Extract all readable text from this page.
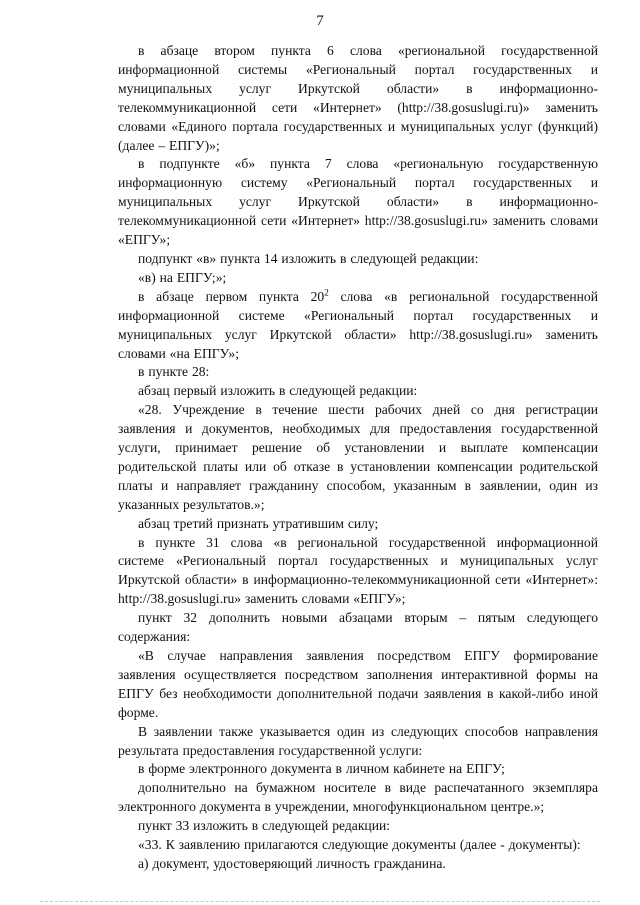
7

в абзаце втором пункта 6 слова «региональной государственной информационной системы «Региональный портал государственных и муниципальных услуг Иркутской области» в информационно-телекоммуникационной сети «Интернет» (http://38.gosuslugi.ru)» заменить словами «Единого портала государственных и муниципальных услуг (функций) (далее – ЕПГУ)»;

в подпункте «б» пункта 7 слова «региональную государственную информационную систему «Региональный портал государственных и муниципальных услуг Иркутской области» в информационно-телекоммуникационной сети «Интернет» http://38.gosuslugi.ru» заменить словами «ЕПГУ»;

подпункт «в» пункта 14 изложить в следующей редакции:

«в) на ЕПГУ;»;

в абзаце первом пункта $20^2$ слова «в региональной государственной информационной системе «Региональный портал государственных и муниципальных услуг Иркутской области» http://38.gosuslugi.ru» заменить словами «на ЕПГУ»;

в пункте 28:

абзац первый изложить в следующей редакции:

«28. Учреждение в течение шести рабочих дней со дня регистрации заявления и документов, необходимых для предоставления государственной услуги, принимает решение об установлении и выплате компенсации родительской платы или об отказе в установлении компенсации родительской платы и направляет гражданину способом, указанным в заявлении, один из указанных результатов.»;

абзац третий признать утратившим силу;

в пункте 31 слова «в региональной государственной информационной системе «Региональный портал государственных и муниципальных услуг Иркутской области» в информационно-телекоммуникационной сети «Интернет»: http://38.gosuslugi.ru» заменить словами «ЕПГУ»;

пункт 32 дополнить новыми абзацами вторым – пятым следующего содержания:

«В случае направления заявления посредством ЕПГУ формирование заявления осуществляется посредством заполнения интерактивной формы на ЕПГУ без необходимости дополнительной подачи заявления в какой-либо иной форме.

В заявлении также указывается один из следующих способов направления результата предоставления государственной услуги:

в форме электронного документа в личном кабинете на ЕПГУ;

дополнительно на бумажном носителе в виде распечатанного экземпляра электронного документа в учреждении, многофункциональном центре.»;

пункт 33 изложить в следующей редакции:

«33. К заявлению прилагаются следующие документы (далее - документы):

а) документ, удостоверяющий личность гражданина.
